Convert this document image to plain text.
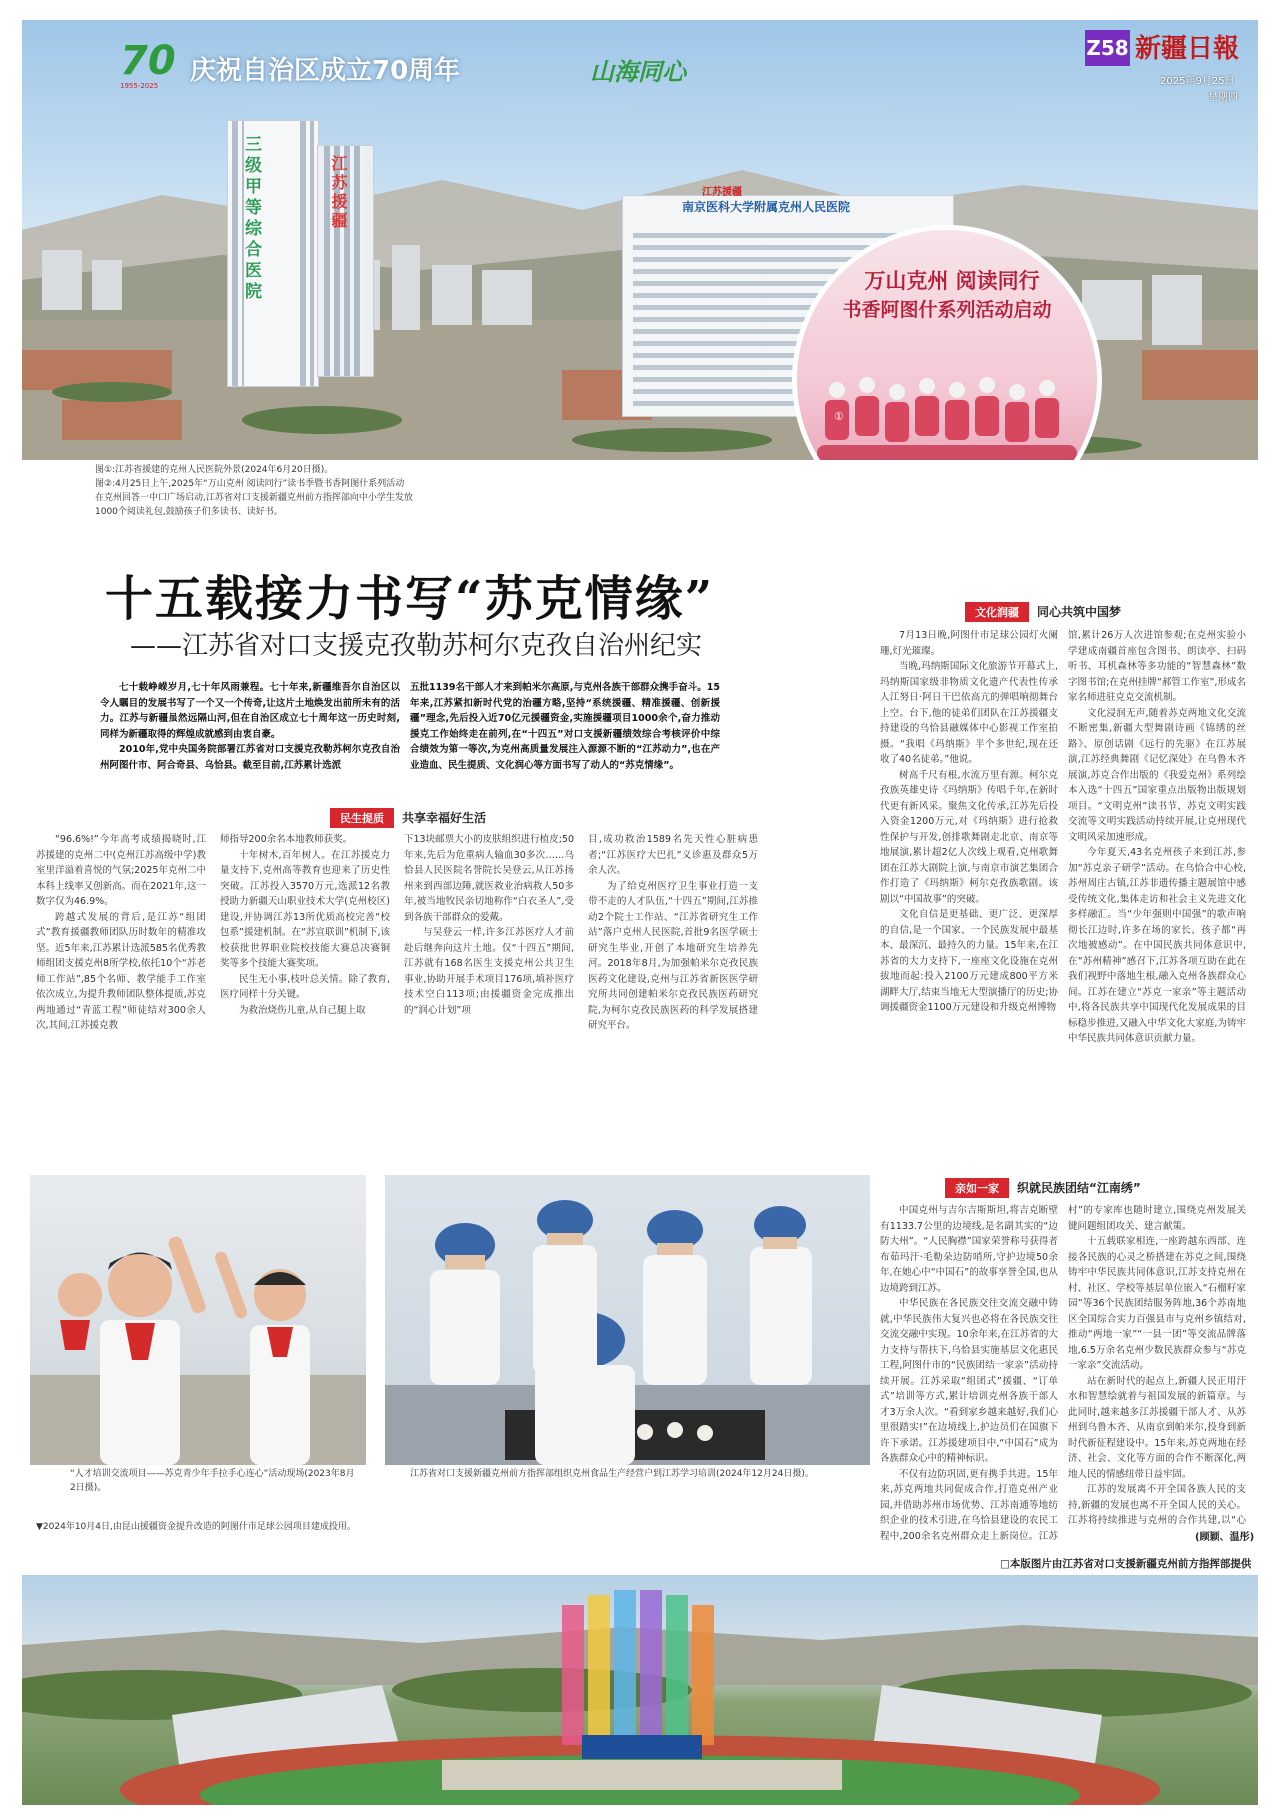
三级甲等综合医院	江苏援疆	南京医科大学附属克州人民医院
江苏援疆
万山克州 阅读同行
书香阿图什系列活动启动
①
70
1955-2025	庆祝自治区成立70周年	山海同心
Z58 新疆日報
2025年9月25日
星期四
图①:江苏省援建的克州人民医院外景(2024年6月20日摄)。
图②:4月25日上午,2025年“万山克州 阅读同行”读书季暨书香阿图什系列活动
在克州回答一中口广场启动,江苏省对口支援新疆克州前方指挥部向中小学生发放
1000个阅读礼包,鼓励孩子们多读书、读好书。
十五载接力书写“苏克情缘”
——江苏省对口支援克孜勒苏柯尔克孜自治州纪实

七十载峥嵘岁月,七十年风雨兼程。七十年来,新疆维吾尔自治区以令人瞩目的发展书写了一个又一个传奇,让这片土地焕发出前所未有的活力。江苏与新疆虽然远隔山河,但在自治区成立七十周年这一历史时刻,同样为新疆取得的辉煌成就感到由衷自豪。

2010年,党中央国务院部署江苏省对口支援克孜勒苏柯尔克孜自治州阿图什市、阿合奇县、乌恰县。截至目前,江苏累计选派

五批1139名干部人才来到帕米尔高原,与克州各族干部群众携手奋斗。15年来,江苏紧扣新时代党的治疆方略,坚持“系统援疆、精准援疆、创新援疆”理念,先后投入近70亿元援疆资金,实施援疆项目1000余个,奋力推动援克工作始终走在前列,在“十四五”对口支援新疆绩效综合考核评价中综合绩效为第一等次,为克州高质量发展注入源源不断的“江苏动力”,也在产业造血、民生提质、文化润心等方面书写了动人的“苏克情缘”。
民生提质 共享幸福好生活

“96.6%!”今年高考成绩揭晓时,江苏援建的克州二中(克州江苏高级中学)教室里洋溢着喜悦的气氛;2025年克州二中本科上线率又创新高。而在2021年,这一数字仅为46.9%。

跨越式发展的背后,是江苏“组团式”教育援疆教师团队历时数年的精准攻坚。近5年来,江苏累计选派585名优秀教师组团支援克州8所学校,依托10个“苏老师工作站”,85个名师、教学能手工作室依次成立,为提升教师团队整体提质,苏克两地通过“青蓝工程”师徒结对300余人次,其间,江苏援克教

师指导200余名本地教师获奖。

十年树木,百年树人。在江苏援克力量支持下,克州高等教育也迎来了历史性突破。江苏投入3570万元,选派12名教授助力新疆天山职业技术大学(克州校区)建设,并协调江苏13所优质高校完善“校包系”援建机制。在“苏宣联训”机制下,该校获批世界职业院校技能大赛总决赛铜奖等多个技能大赛奖项。

民生无小事,枝叶总关情。除了教育,医疗同样十分关键。

为救治烧伤儿童,从自己腿上取

下13块邮票大小的皮肤组织进行植皮;50年来,先后为危重病人输血30多次……乌恰县人民医院名誉院长吴登云,从江苏扬州来到西部边陲,就医救业治病救人50多年,被当地牧民亲切地称作“白衣圣人”,受到各族干部群众的爱戴。

与吴登云一样,许多江苏医疗人才前赴后继奔向这片土地。仅“十四五”期间,江苏就有168名医生支援克州公共卫生事业,协助开展手术项目176项,填补医疗技术空白113项;由援疆资金完成推出的“润心计划”项

目,成功救治1589名先天性心脏病患者;“江苏医疗大巴扎”义诊惠及群众5万余人次。

为了给克州医疗卫生事业打造一支带不走的人才队伍,“十四五”期间,江苏推动2个院士工作站、“江苏省研究生工作站”落户克州人民医院,首批9名医学硕士研究生毕业,开创了本地研究生培养先河。2018年8月,为加强帕米尔克孜民族医药文化建设,克州与江苏省新医医学研究所共同创建帕米尔克孜民族医药研究院,为柯尔克孜民族医药的科学发展搭建研究平台。

文化润疆 同心共筑中国梦
7月13日晚,阿图什市足球公园灯火阑珊,灯光璀璨。

当晚,玛纳斯国际文化旅游节开幕式上,玛纳斯国家级非物质文化遗产代表性传承人江努日·阿日干巴依高亢的弹唱响彻舞台上空。台下,他的徒弟们团队在江苏援疆支持建设的乌恰县融媒体中心影视工作室拍摄。“我唱《玛纳斯》半个多世纪,现在还收了40名徒弟。”他说。

树高千尺有根,水流万里有源。柯尔克孜族英雄史诗《玛纳斯》传唱千年,在新时代更有新风采。聚焦文化传承,江苏先后投入资金1200万元,对《玛纳斯》进行抢救性保护与开发,创排歌舞剧走北京、南京等地展演,累计超2亿人次线上观看,克州歌舞团在江苏大剧院上演,与南京市演艺集团合作打造了《玛纳斯》柯尔克孜族歌剧。该剧以“中国故事”的突破。

文化自信是更基础、更广泛、更深厚的自信,是一个国家、一个民族发展中最基本、最深沉、最持久的力量。15年来,在江苏省的大力支持下,一座座文化设施在克州拔地而起:投入2100万元建成800平方米湖畔大厅,结束当地无大型演播厅的历史;协调援疆资金1100万元建设和升级克州博物

馆,累计26万人次进馆参观;在克州实验小学建成南疆首座包含图书、朗读亭、扫码听书、耳机森林等多功能的“智慧森林”数字图书馆;在克州挂牌“郝管工作室”,形成名家名师进驻克克交流机制。

文化浸润无声,随着苏克两地文化交流不断密集,新疆大型舞剧诗画《锦绣的丝路》、原创话剧《远行的先驱》在江苏展演,江苏经典舞剧《记忆深处》在乌鲁木齐展演,苏克合作出版的《我爱克州》系列绘本入选“十四五”国家重点出版物出版规划项目。“文明克州”读书节、苏克文明实践交流等文明实践活动持续开展,让克州现代文明风采加速形成。

今年夏天,43名克州孩子来到江苏,参加“苏克亲子研学”活动。在乌恰合中心校,苏州周庄古镇,江苏非遗传播主题展馆中感受传统文化,集体走访和社会主义先进文化多样融汇。当“少年强则中国强”的歌声响彻长江边时,许多在场的家长、孩子都“再次地被感动”。在中国民族共同体意识中,在“苏州精神”感召下,江苏各项互助在此在我们视野中落地生根,融入克州各族群众心间。江苏在建立“苏克一家亲”等主题活动中,将各民族共享中国现代化发展成果的目标稳步推进,又融入中华文化大家庭,为铸牢中华民族共同体意识贡献力量。

“人才培训交流项目——苏克青少年手拉手心连心”活动现场(2023年8月2日摄)。
江苏省对口支援新疆克州前方指挥部组织克州食品生产经营户到江苏学习培训(2024年12月24日摄)。
▼2024年10月4日,由昆山援疆资金提升改造的阿图什市足球公园项目建成投用。
亲如一家 织就民族团结“江南绣”

中国克州与吉尔吉斯斯坦,将吉克断壁有1133.7公里的边境线,是名副其实的“边防大州”。“人民胸襟”国家荣誉称号获得者布茹玛汗·毛勒朵边防哨所,守护边境50余年,在她心中“中国石”的故事享誉全国,也从边境跨到江苏。

中华民族在各民族交往交流交融中铸就,中华民族伟大复兴也必将在各民族交往交流交融中实现。10余年来,在江苏省的大力支持与帮扶下,乌恰县实施基层文化惠民工程,阿图什市的“民族团结一家亲”活动持续开展。江苏采取“组团式”援疆、“订单式”培训等方式,累计培训克州各族干部人才3万余人次。“看到家乡越来越好,我们心里很踏实!”在边境线上,护边员们在国旗下许下承诺。江苏援建项目中,“中国石”成为各族群众心中的精神标识。

不仅有边防巩固,更有携手共进。15年来,苏克两地共同促成合作,打造克州产业园,并借助苏州市场优势、江苏南通等地纺织企业的技术引进,在乌恰县建设的农民工程中,200余名克州群众走上新岗位。江苏

村”的专家库也随时建立,围绕克州发展关键问题组团攻关、建言献策。

十五载联家相连,一座跨越东西部、连接各民族的心灵之桥搭建在苏克之间,围绕铸牢中华民族共同体意识,江苏支持克州在村、社区、学校等基层单位嵌入“石榴籽家园”等36个民族团结服务阵地,36个苏南地区全国综合实力百强县市与克州乡镇结对,推动“两地一家”“一县一团”等交流品牌落地,6.5万余名克州少数民族群众参与“苏克一家亲”交流活动。

站在新时代的起点上,新疆人民正用汗水和智慧绘就着与祖国发展的新篇章。与此同时,越来越多江苏援疆干部人才、从苏州到乌鲁木齐、从南京到帕米尔,投身到新时代新征程建设中。15年来,苏克两地在经济、社会、文化等方面的合作不断深化,两地人民的情感纽带日益牢固。

江苏的发展离不开全国各族人民的支持,新疆的发展也离不开全国人民的关心。江苏将持续推进与克州的合作共建,以“心

(顾颖、温彤)
□本版图片由江苏省对口支援新疆克州前方指挥部提供
